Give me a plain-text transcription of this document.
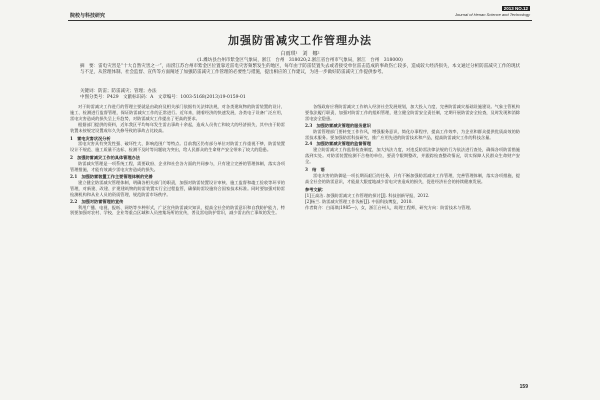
院校与科技研究
2013 NO.12
Journal of Henan Science and Technology
加强防雷减灾工作管理办法
白雨琪¹　刘　娜²
(1.潍坊县台州市紫金区气象局，浙江　台州　318020;2.浙江省台州市气象局，浙江　台州　318000)

摘　要：雷电灾害是“十大自然灾害之一”，雨涝江苏台州市紫金区位置靠近雷电灾害频繁发生的地区，每年由于防雷装置失去或者接受单位雷击造成的事故伤亡较多，造成较大经济损失，本文通过分析防雷减灾工作的现状与不足，从管理体制、社会监督、宣传等方面阐述了加强防雷减灾工作管理的必要性与措施，提出相应的工作建议，为进一步做好防雷减灾工作提供参考。

关键词：防雷；防雷减灾；管理；办法
中图分类号：P429　文献标识码：A　文章编号：1003-5168(2013)19-0159-01

对于防雷减灾工作进行的管理主要就是由政府及相关部门依据有关法律法规，对各类建筑物的防雷装置的设计、施工、检测进行监督管理，保证防雷减灾工作的正常进行。近年来，随着经济的快速发展，各类电子设备广泛应用，雷电灾害造成的损失呈上升趋势，对防雷减灾工作提出了更高的要求。

根据部门提供的资料，近年我区平均每年发生雷击事故十余起，造成人员伤亡和较大的经济损失，其中由于防雷装置未按规定设置或年久失修导致的事故占比较高。

1　雷电灾害状况分析

雷电灾害具有突发性强、破坏性大、影响范围广等特点。目前我区仍有部分单位对防雷工作重视不够，防雷装置设计不规范、施工质量不达标、检测不及时等问题较为突出，给人民群众的生命财产安全带来了较大的隐患。

2　加强防雷减灾工作的具体管理办法

防雷减灾管理是一项系统工程，需要政府、企业和社会各方面的共同参与，只有建立完善的管理体制，落实各项管理措施，才能有效减少雷电灾害造成的损失。

2.1　加强防雷装置工作主要管理体制的完善

建立健全防雷减灾管理体制，明确各相关部门的职责，加强对防雷装置设计审核、施工监督和竣工验收等环节的管理，对新建、改建、扩建建筑物的防雷装置实行全过程监管，确保防雷设施符合国家技术标准。同时要加强对防雷检测机构和从业人员的资质管理，规范防雷市场秩序。

2.2　加强对防雷管理的宣传

利用广播、电视、报纸、网络等多种形式，广泛宣传防雷减灾知识，提高全社会的防雷意识和自我防护能力，特别要加强对农村、学校、企业等重点区域和人员密集场所的宣传，普及雷电防护常识，减少雷击伤亡事故的发生。

各级政府应将防雷减灾工作纳入经济社会发展规划，加大投入力度，完善防雷减灾基础设施建设。气象主管机构要依法履行职责，加强对防雷工作的组织管理，建立健全防雷安全责任制，定期开展防雷安全检查，及时发现和消除雷电安全隐患。

2.3　加强防雷减灾管理的服务意识

防雷管理部门要转变工作作风，增强服务意识，简化办事程序，提高工作效率，为企业和群众提供优质高效的防雷技术服务。要加强防雷科技研究，推广应用先进的防雷技术和产品，提高防雷减灾工作的科技含量。

2.4　加强防雷减灾管理的监督管理

建立防雷减灾工作监督检查制度，加大执法力度，对违反防雷法律法规的行为依法进行查处，确保各项防雷措施落到实处。对防雷装置检测不合格的单位，要责令限期整改，并跟踪检查整改情况，切实保障人民群众生命财产安全。

3　结　语

雷电灾害的防御是一项长期而艰巨的任务，只有不断加强防雷减灾工作管理，完善管理体制，落实各项措施，提高全社会的防雷意识，才能最大限度地减少雷电灾害造成的损失，促进经济社会的持续健康发展。

参考文献：

[1]王高洁. 加强防雷减灾工作管理的探讨[J]. 科技创新导报，2012.

[2]杨兰. 防雷减灾管理工作浅析[J]. 中国科技博览，2010.

作者简介：白雨琪(1985—)，女，浙江台州人，助理工程师，研究方向：防雷技术与管理。

159
